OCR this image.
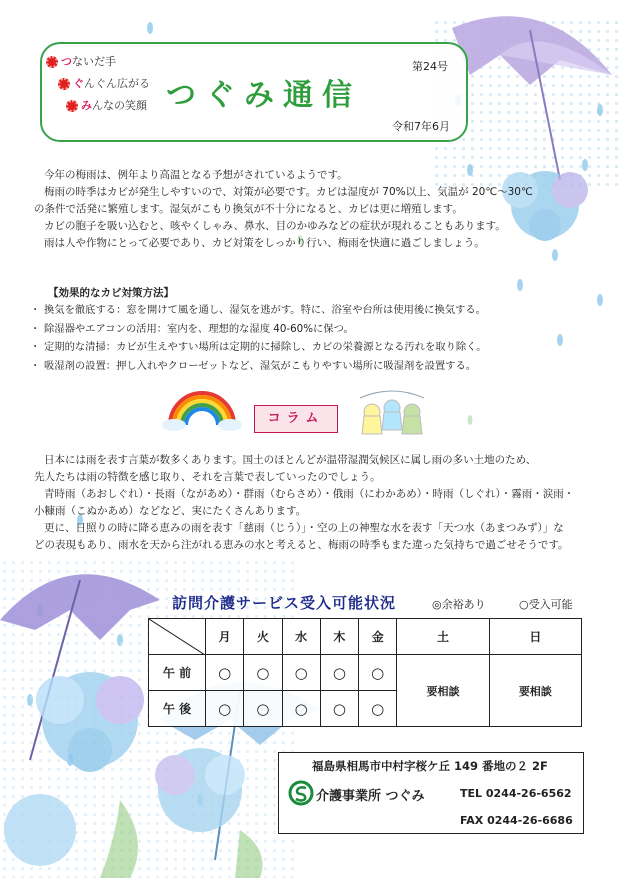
つないだ手
ぐんぐん広がる
みんなの笑顔 つぐみ通信
第24号
令和7年6月

今年の梅雨は、例年より高温となる予想がされているようです。

梅雨の時季はカビが発生しやすいので、対策が必要です。カビは湿度が 70%以上、気温が 20℃～30℃

の条件で活発に繁殖します。湿気がこもり換気が不十分になると、カビは更に増殖します。

カビの胞子を吸い込むと、咳やくしゃみ、鼻水、目のかゆみなどの症状が現れることもあります。

雨は人や作物にとって必要であり、カビ対策をしっかり行い、梅雨を快適に過ごしましょう。

【効果的なカビ対策方法】
・ 換気を徹底する：窓を開けて風を通し、湿気を逃がす。特に、浴室や台所は使用後に換気する。
・ 除湿器やエアコンの活用：室内を、理想的な湿度 40-60%に保つ。
・ 定期的な清掃：カビが生えやすい場所は定期的に掃除し、カビの栄養源となる汚れを取り除く。
・ 吸湿剤の設置：押し入れやクローゼットなど、湿気がこもりやすい場所に吸湿剤を設置する。
コラム

日本には雨を表す言葉が数多くあります。国土のほとんどが温帯湿潤気候区に属し雨の多い土地のため、

先人たちは雨の特徴を感じ取り、それを言葉で表していったのでしょう。

青時雨（あおしぐれ）・長雨（ながあめ）・群雨（むらさめ）・俄雨（にわかあめ）・時雨（しぐれ）・霧雨・涙雨・

小糠雨（こぬかあめ）などなど、実にたくさんあります。

更に、日照りの時に降る恵みの雨を表す「慈雨（じう）」・空の上の神聖な水を表す「天つ水（あまつみず）」な

どの表現もあり、雨水を天から注がれる恵みの水と考えると、梅雨の時季もまた違った気持ちで過ごせそうです。

訪問介護サービス受入可能状況	◎余裕あり	○受入可能
	月	火	水	木	金	土	日
午 前	○	○	○	○	○	要相談	要相談
午 後	○	○	○	○	○		
福島県相馬市中村字桜ケ丘 149 番地の２ 2F
介護事業所 つぐみ	TEL 0244-26-6562
FAX 0244-26-6686
